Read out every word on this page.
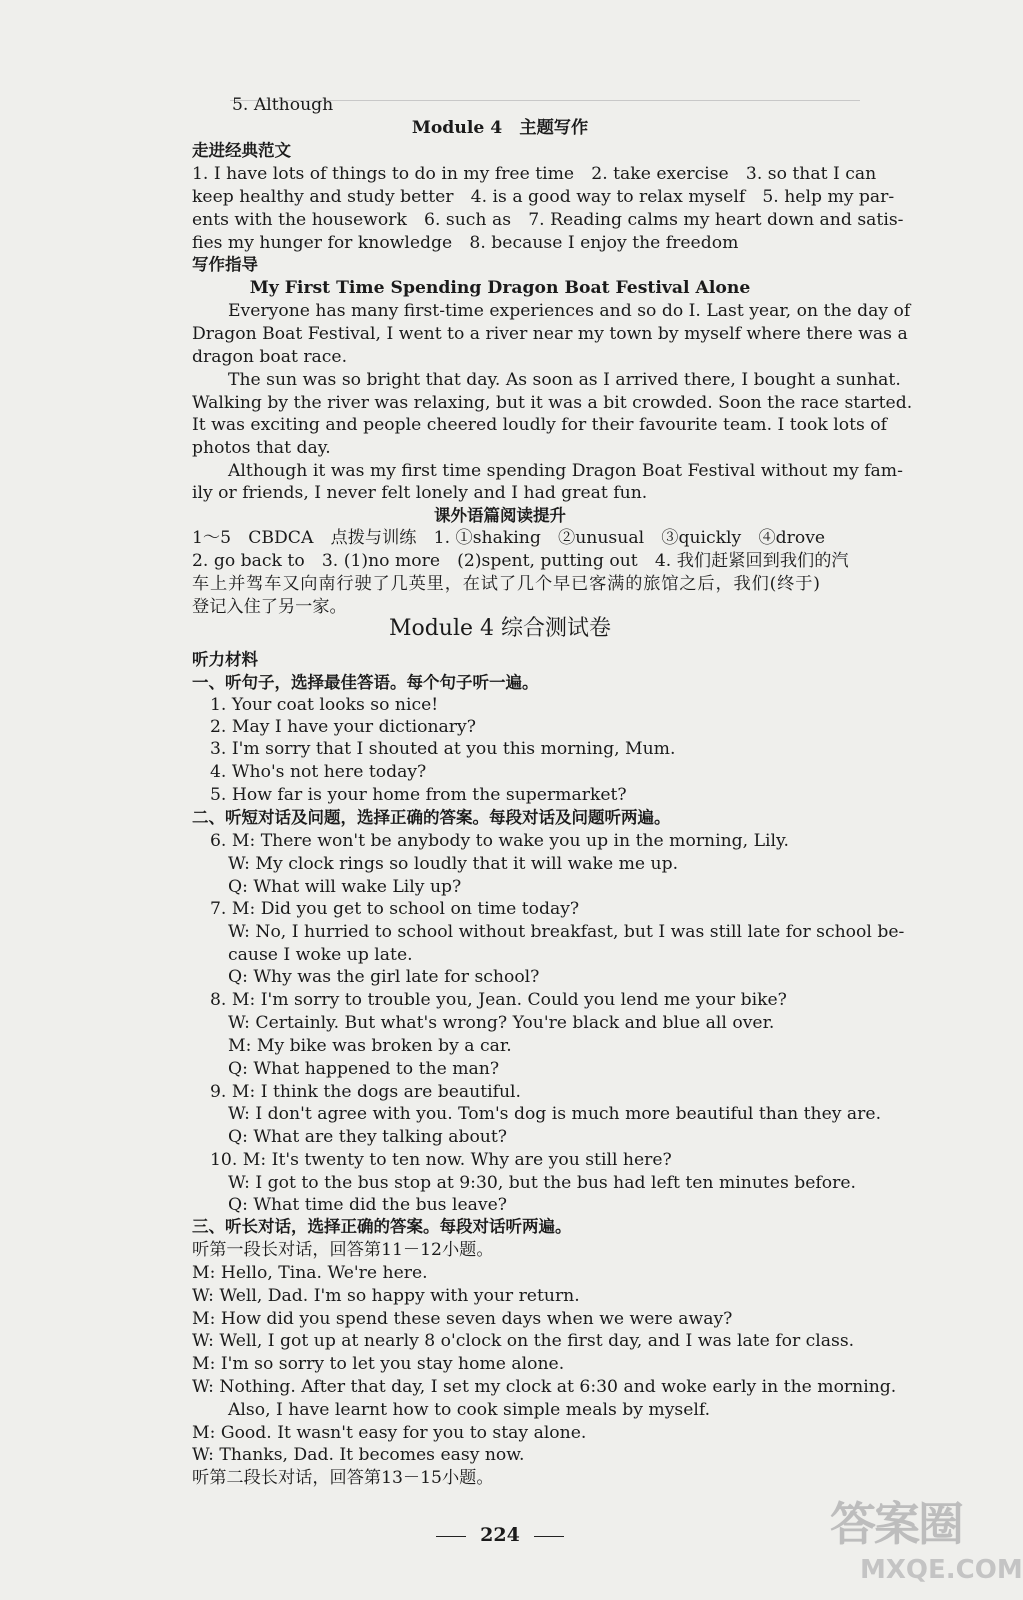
5. Although
Module 4　主题写作
走进经典范文
1. I have lots of things to do in my free time　2. take exercise　3. so that I can
keep healthy and study better　4. is a good way to relax myself　5. help my par-
ents with the housework　6. such as　7. Reading calms my heart down and satis-
fies my hunger for knowledge　8. because I enjoy the freedom
写作指导
My First Time Spending Dragon Boat Festival Alone
Everyone has many first-time experiences and so do I. Last year, on the day of
Dragon Boat Festival, I went to a river near my town by myself where there was a
dragon boat race.
The sun was so bright that day. As soon as I arrived there, I bought a sunhat.
Walking by the river was relaxing, but it was a bit crowded. Soon the race started.
It was exciting and people cheered loudly for their favourite team. I took lots of
photos that day.
Although it was my first time spending Dragon Boat Festival without my fam-
ily or friends, I never felt lonely and I had great fun.
课外语篇阅读提升
1～5　CBDCA　点拨与训练　1. ①shaking　②unusual　③quickly　④drove
2. go back to　3. (1)no more　(2)spent, putting out　4. 我们赶紧回到我们的汽
车上并驾车又向南行驶了几英里，在试了几个早已客满的旅馆之后，我们(终于)
登记入住了另一家。
Module 4 综合测试卷
听力材料
一、听句子，选择最佳答语。每个句子听一遍。
1. Your coat looks so nice!
2. May I have your dictionary?
3. I'm sorry that I shouted at you this morning, Mum.
4. Who's not here today?
5. How far is your home from the supermarket?
二、听短对话及问题，选择正确的答案。每段对话及问题听两遍。
6. M: There won't be anybody to wake you up in the morning, Lily.
W: My clock rings so loudly that it will wake me up.
Q: What will wake Lily up?
7. M: Did you get to school on time today?
W: No, I hurried to school without breakfast, but I was still late for school be-
cause I woke up late.
Q: Why was the girl late for school?
8. M: I'm sorry to trouble you, Jean. Could you lend me your bike?
W: Certainly. But what's wrong? You're black and blue all over.
M: My bike was broken by a car.
Q: What happened to the man?
9. M: I think the dogs are beautiful.
W: I don't agree with you. Tom's dog is much more beautiful than they are.
Q: What are they talking about?
10. M: It's twenty to ten now. Why are you still here?
W: I got to the bus stop at 9:30, but the bus had left ten minutes before.
Q: What time did the bus leave?
三、听长对话，选择正确的答案。每段对话听两遍。
听第一段长对话，回答第11－12小题。
M: Hello, Tina. We're here.
W: Well, Dad. I'm so happy with your return.
M: How did you spend these seven days when we were away?
W: Well, I got up at nearly 8 o'clock on the first day, and I was late for class.
M: I'm so sorry to let you stay home alone.
W: Nothing. After that day, I set my clock at 6:30 and woke early in the morning.
Also, I have learnt how to cook simple meals by myself.
M: Good. It wasn't easy for you to stay alone.
W: Thanks, Dad. It becomes easy now.
听第二段长对话，回答第13－15小题。
224	答案圈
MXQE.COM
